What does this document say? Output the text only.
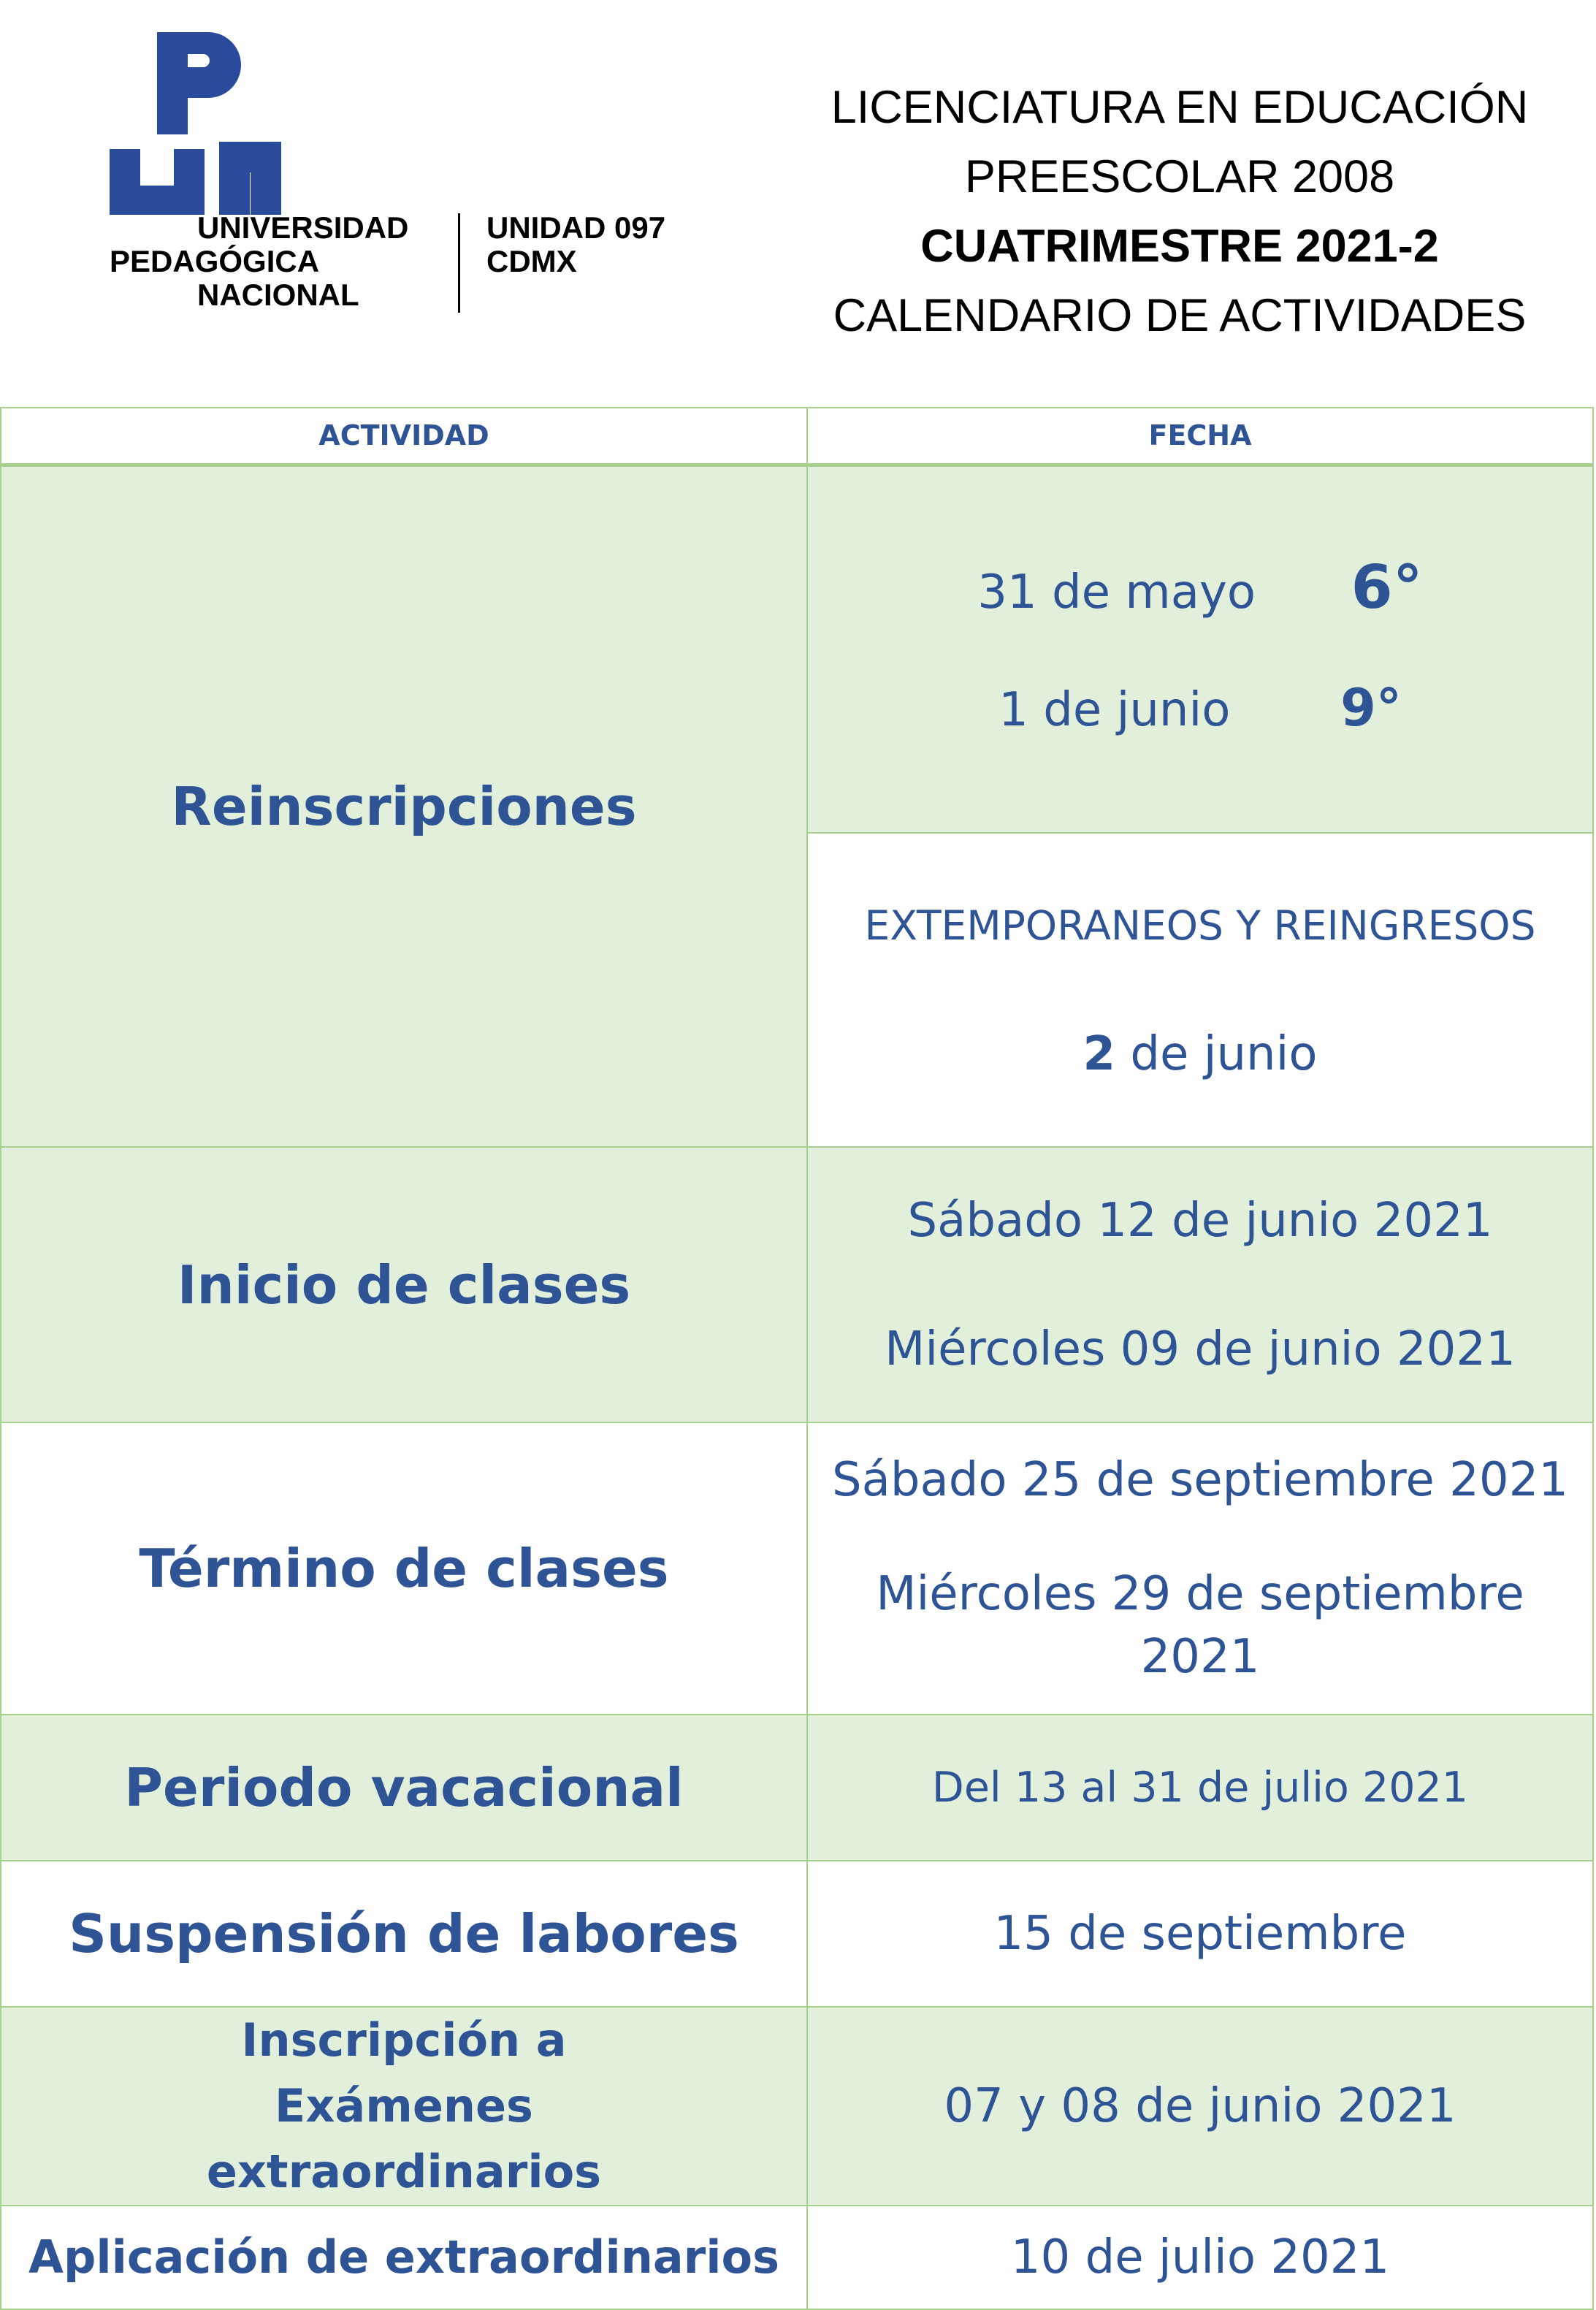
UNIVERSIDAD
PEDAGÓGICA
NACIONAL
UNIDAD 097
CDMX
LICENCIATURA EN EDUCACIÓN
PREESCOLAR 2008
CUATRIMESTRE 2021-2
CALENDARIO DE ACTIVIDADES
ACTIVIDAD	FECHA
Reinscripciones	31 de mayo 6°

1 de junio 9°

	EXTEMPORANEOS Y REINGRESOS

2 de junio

Inicio de clases	Sábado 12 de junio 2021

Miércoles 09 de junio 2021

Término de clases	Sábado 25 de septiembre 2021

Miércoles 29 de septiembre 2021

Periodo vacacional	Del 13 al 31 de julio 2021
Suspensión de labores	15 de septiembre
Inscripción a Exámenes extraordinarios	07 y 08 de junio 2021
Aplicación de extraordinarios	10 de julio 2021
